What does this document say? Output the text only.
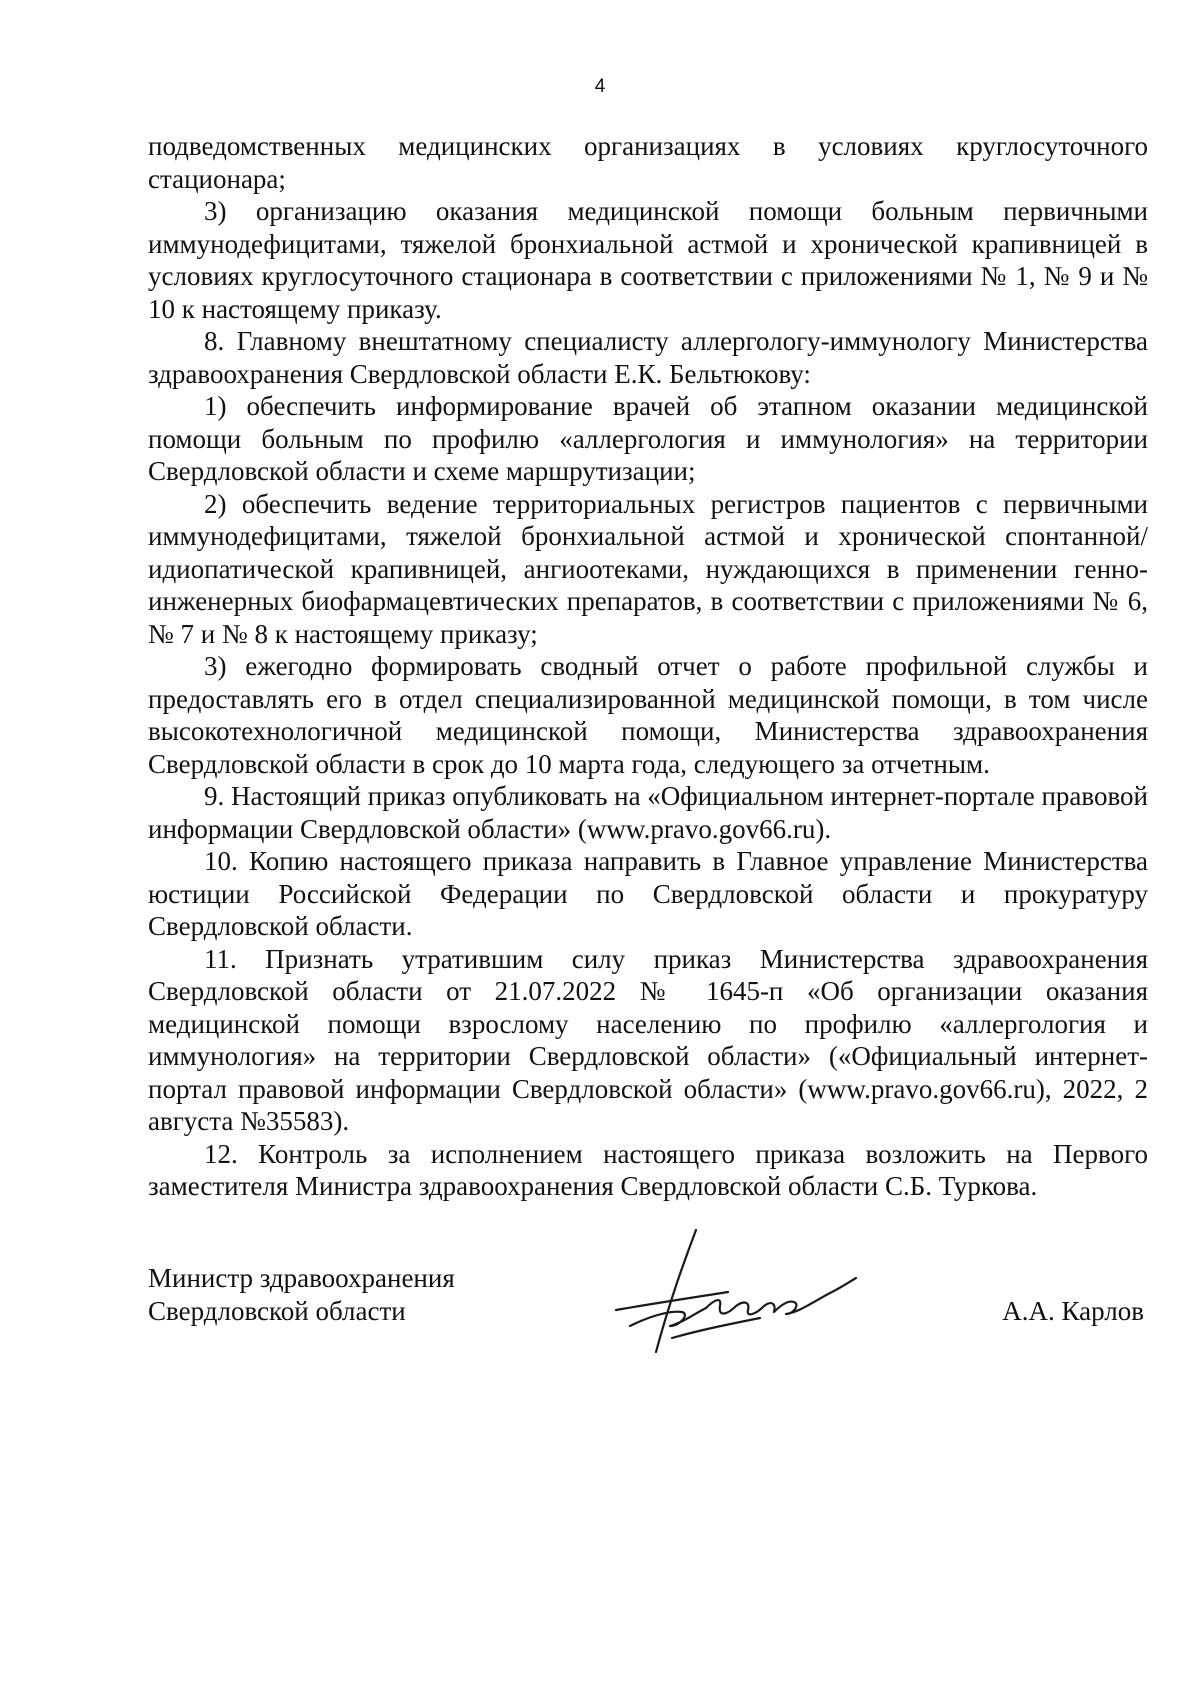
4

подведомственных медицинских организациях в условиях круглосуточного стационара;

3) организацию оказания медицинской помощи больным первичными иммунодефицитами, тяжелой бронхиальной астмой и хронической крапивницей в условиях круглосуточного стационара в соответствии с приложениями № 1, № 9 и № 10 к настоящему приказу.

8. Главному внештатному специалисту аллергологу-иммунологу Министерства здравоохранения Свердловской области Е.К. Бельтюкову:

1) обеспечить информирование врачей об этапном оказании медицинской помощи больным по профилю «аллергология и иммунология» на территории Свердловской области и схеме маршрутизации;

2) обеспечить ведение территориальных регистров пациентов с первичными иммунодефицитами, тяжелой бронхиальной астмой и хронической спонтанной/идиопатической крапивницей, ангиоотеками, нуждающихся в применении генно-инженерных биофармацевтических препаратов, в соответствии с приложениями № 6, № 7 и № 8 к настоящему приказу;

3) ежегодно формировать сводный отчет о работе профильной службы и предоставлять его в отдел специализированной медицинской помощи, в том числе высокотехнологичной медицинской помощи, Министерства здравоохранения Свердловской области в срок до 10 марта года, следующего за отчетным.

9. Настоящий приказ опубликовать на «Официальном интернет-портале правовой информации Свердловской области» (www.pravo.gov66.ru).

10. Копию настоящего приказа направить в Главное управление Министерства юстиции Российской Федерации по Свердловской области и прокуратуру Свердловской области.

11. Признать утратившим силу приказ Министерства здравоохранения Свердловской области от 21.07.2022 № 1645-п «Об организации оказания медицинской помощи взрослому населению по профилю «аллергология и иммунология» на территории Свердловской области» («Официальный интернет-портал правовой информации Свердловской области» (www.pravo.gov66.ru), 2022, 2 августа №35583).

12. Контроль за исполнением настоящего приказа возложить на Первого заместителя Министра здравоохранения Свердловской области С.Б. Туркова.

Министр здравоохранения
Свердловской области	А.А. Карлов
